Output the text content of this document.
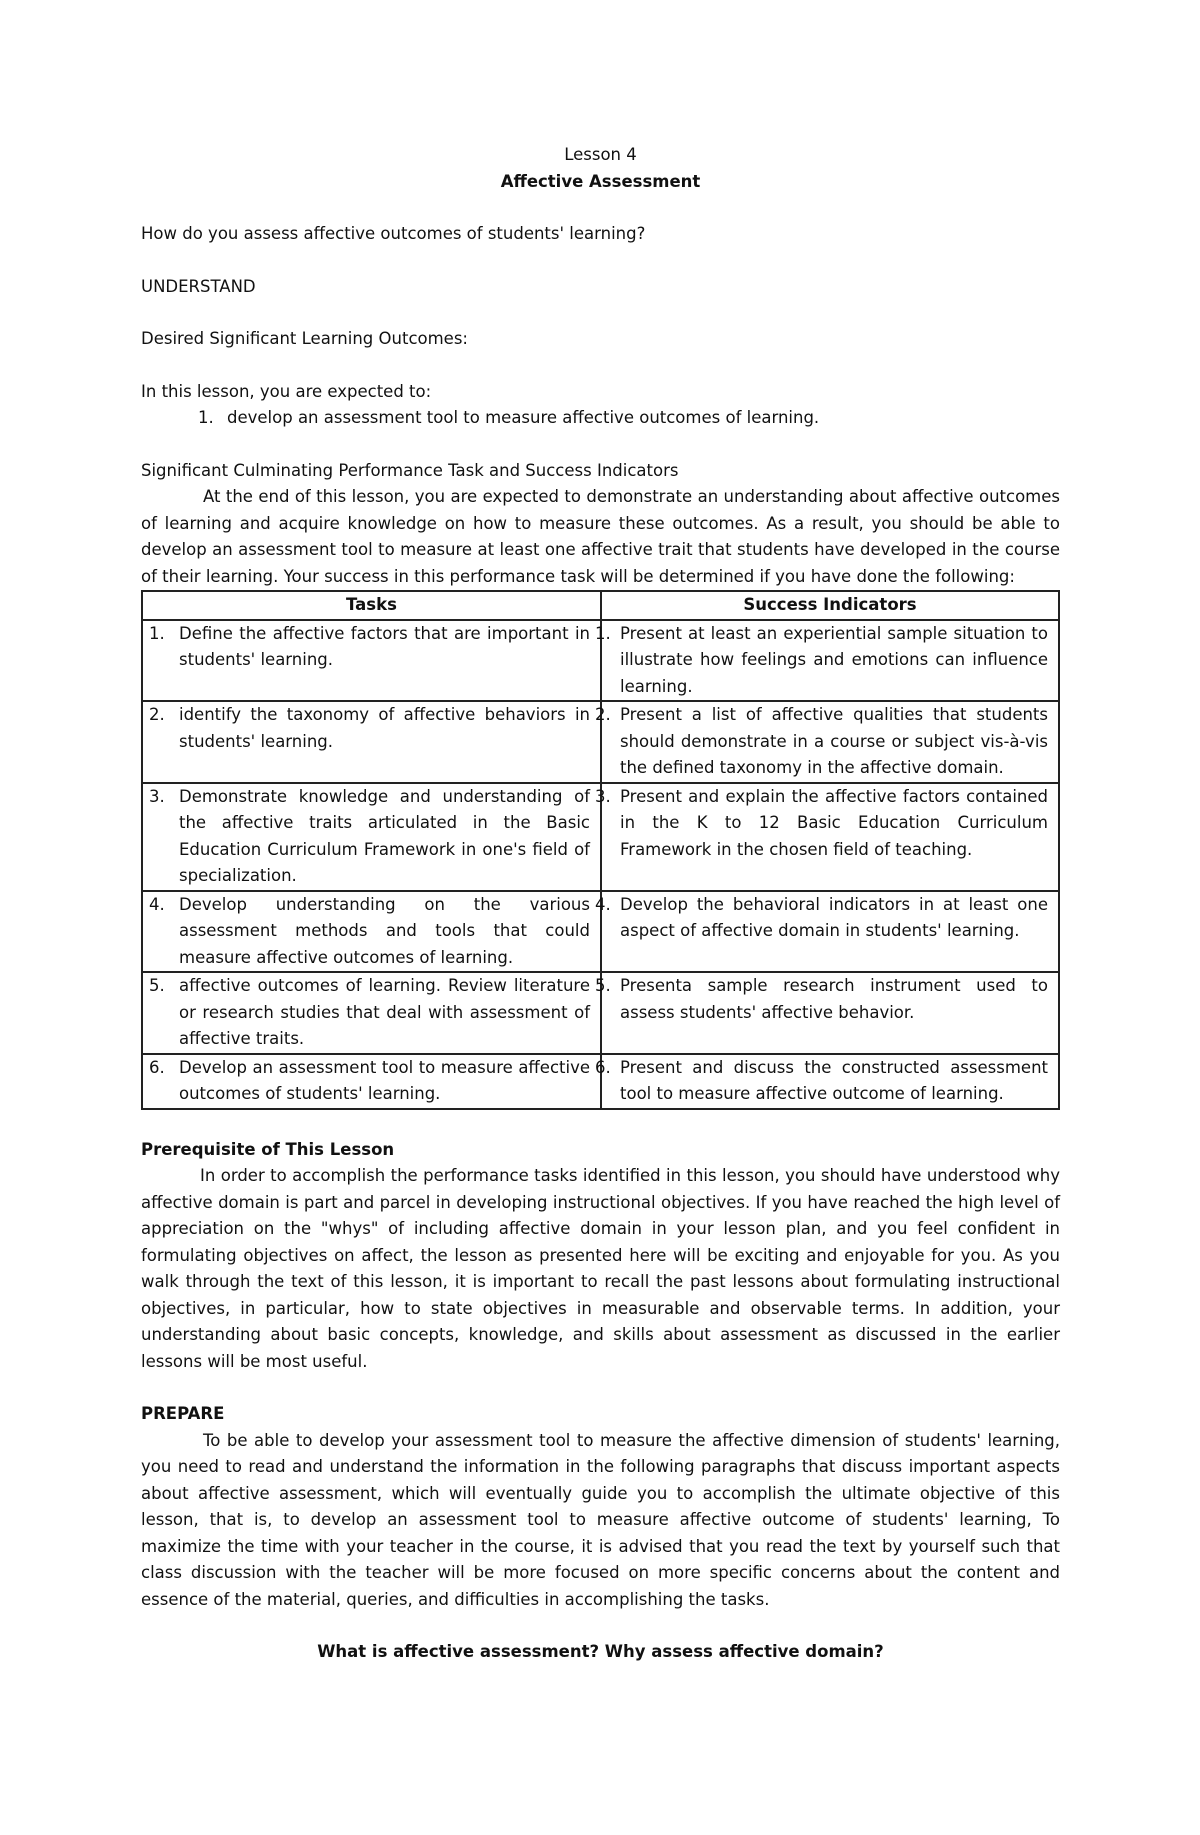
Lesson 4

Affective Assessment

How do you assess affective outcomes of students' learning?

UNDERSTAND

Desired Significant Learning Outcomes:

In this lesson, you are expected to:

1. develop an assessment tool to measure affective outcomes of learning.

Significant Culminating Performance Task and Success Indicators

At the end of this lesson, you are expected to demonstrate an understanding about affective outcomes of learning and acquire knowledge on how to measure these outcomes. As a result, you should be able to develop an assessment tool to measure at least one affective trait that students have developed in the course of their learning. Your success in this performance task will be determined if you have done the following:

Tasks	Success Indicators

1. Define the affective factors that are important in students' learning.	1. Present at least an experiential sample situation to illustrate how feelings and emotions can influence learning.

2. identify the taxonomy of affective behaviors in students' learning.	2. Present a list of affective qualities that students should demonstrate in a course or subject vis-à-vis the defined taxonomy in the affective domain.

3. Demonstrate knowledge and understanding of the affective traits articulated in the Basic Education Curriculum Framework in one's field of specialization.	3. Present and explain the affective factors contained in the K to 12 Basic Education Curriculum Framework in the chosen field of teaching.

4. Develop understanding on the various assessment methods and tools that could measure affective outcomes of learning.	4. Develop the behavioral indicators in at least one aspect of affective domain in students' learning.

5. affective outcomes of learning. Review literature or research studies that deal with assessment of affective traits.	5. Presenta sample research instrument used to assess students' affective behavior.

6. Develop an assessment tool to measure affective outcomes of students' learning.	6. Present and discuss the constructed assessment tool to measure affective outcome of learning.

Prerequisite of This Lesson

In order to accomplish the performance tasks identified in this lesson, you should have understood why affective domain is part and parcel in developing instructional objectives. If you have reached the high level of appreciation on the "whys" of including affective domain in your lesson plan, and you feel confident in formulating objectives on affect, the lesson as presented here will be exciting and enjoyable for you. As you walk through the text of this lesson, it is important to recall the past lessons about formulating instructional objectives, in particular, how to state objectives in measurable and observable terms. In addition, your understanding about basic concepts, knowledge, and skills about assessment as discussed in the earlier lessons will be most useful.

PREPARE

To be able to develop your assessment tool to measure the affective dimension of students' learning, you need to read and understand the information in the following paragraphs that discuss important aspects about affective assessment, which will eventually guide you to accomplish the ultimate objective of this lesson, that is, to develop an assessment tool to measure affective outcome of students' learning, To maximize the time with your teacher in the course, it is advised that you read the text by yourself such that class discussion with the teacher will be more focused on more specific concerns about the content and essence of the material, queries, and difficulties in accomplishing the tasks.

What is affective assessment? Why assess affective domain?
